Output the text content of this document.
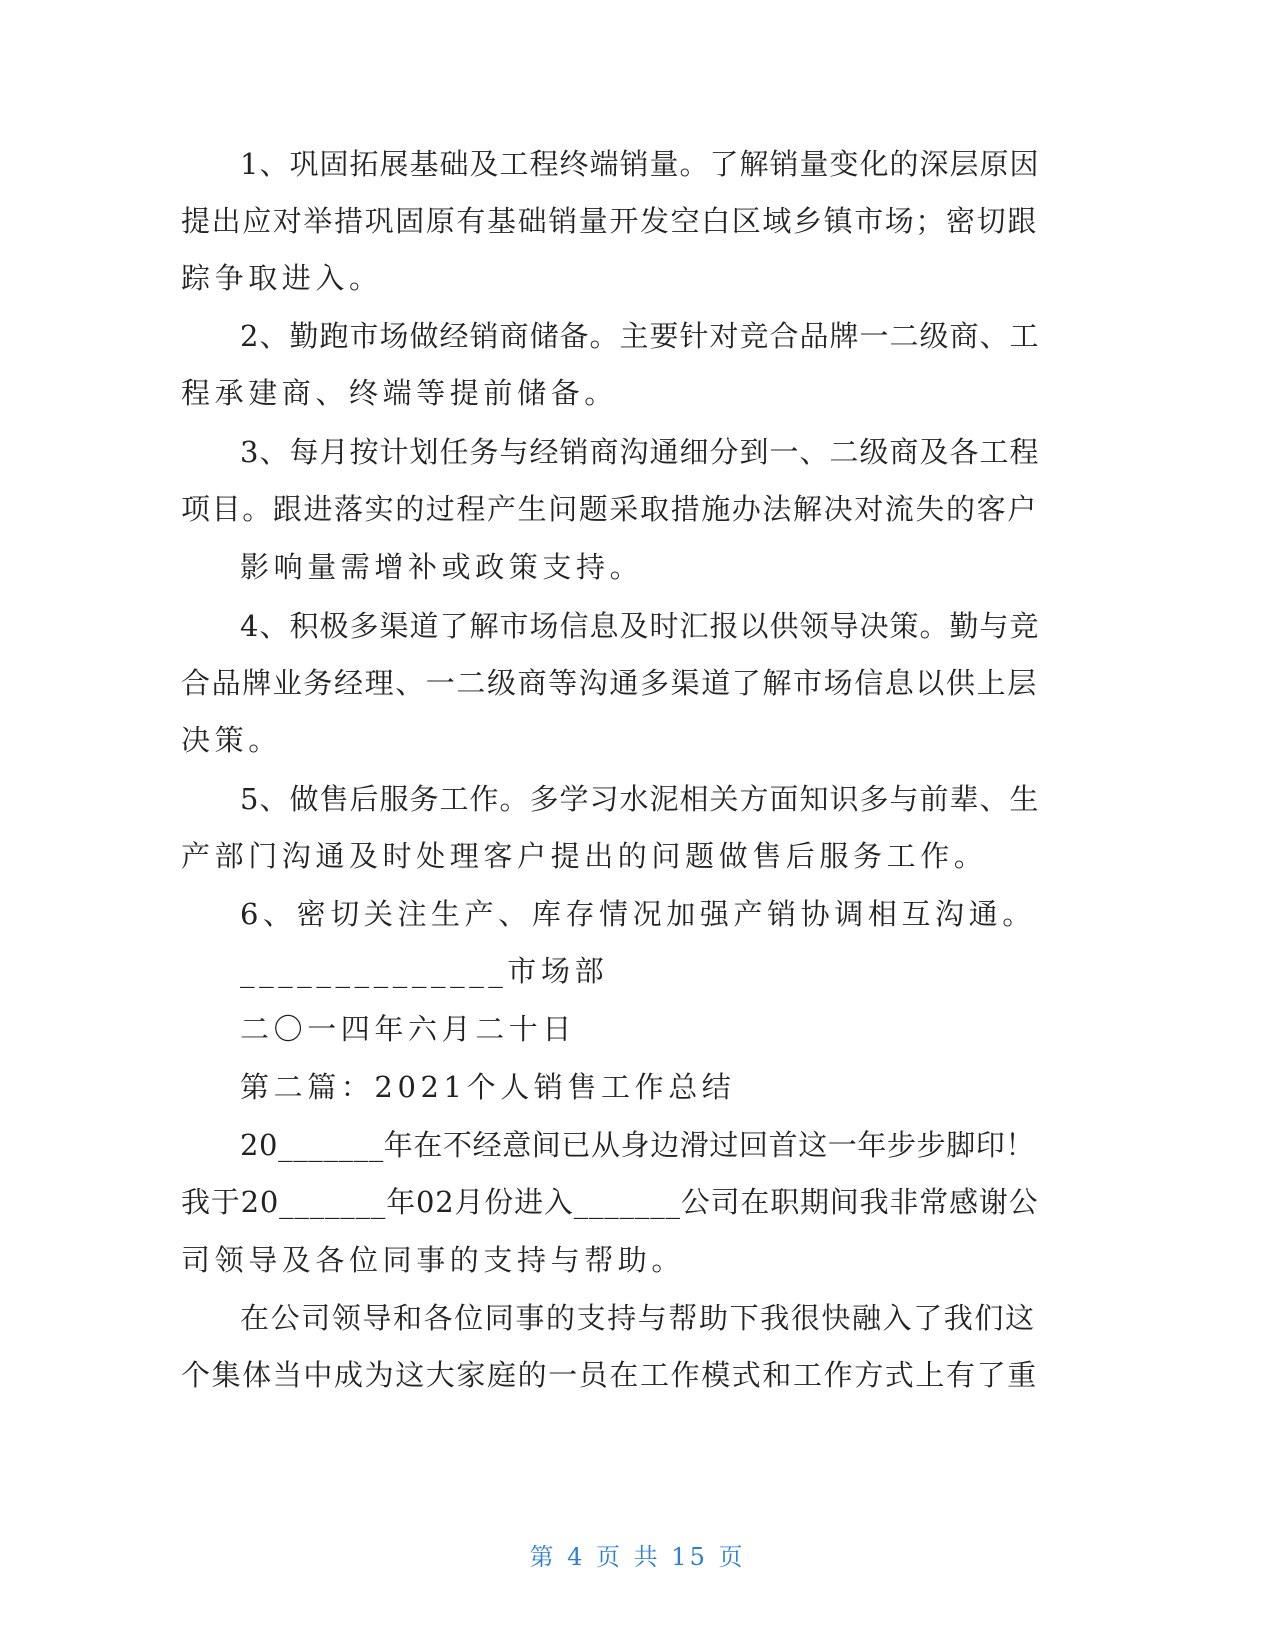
1、巩固拓展基础及工程终端销量。了解销量变化的深层原因
提出应对举措巩固原有基础销量开发空白区域乡镇市场；密切跟
踪争取进入。
2、勤跑市场做经销商储备。主要针对竞合品牌一二级商、工
程承建商、终端等提前储备。
3、每月按计划任务与经销商沟通细分到一、二级商及各工程
项目。跟进落实的过程产生问题采取措施办法解决对流失的客户
影响量需增补或政策支持。
4、积极多渠道了解市场信息及时汇报以供领导决策。勤与竞
合品牌业务经理、一二级商等沟通多渠道了解市场信息以供上层
决策。
5、做售后服务工作。多学习水泥相关方面知识多与前辈、生
产部门沟通及时处理客户提出的问题做售后服务工作。
6、密切关注生产、库存情况加强产销协调相互沟通。
______________市场部
二〇一四年六月二十日
第二篇：2021个人销售工作总结
20_______年在不经意间已从身边滑过回首这一年步步脚印！
我于20_______年02月份进入_______公司在职期间我非常感谢公
司领导及各位同事的支持与帮助。
在公司领导和各位同事的支持与帮助下我很快融入了我们这
个集体当中成为这大家庭的一员在工作模式和工作方式上有了重
第 4 页 共 15 页
